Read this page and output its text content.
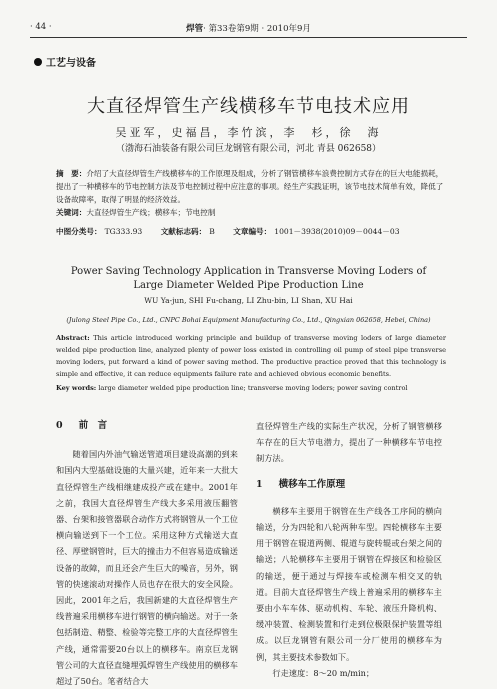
· 44 ·	焊管· 第33卷第9期 · 2010年9月
工艺与设备
大直径焊管生产线横移车节电技术应用
吴亚军，史福昌，李竹滨，李　杉，徐　海
（渤海石油装备有限公司巨龙钢管有限公司，河北 青县 062658）
摘　要：介绍了大直径焊管生产线横移车的工作原理及组成，分析了钢管横移车浪费控制方式存在的巨大电能损耗，提出了一种横移车的节电控制方法及节电控制过程中应注意的事项。经生产实践证明，该节电技术简单有效，降低了设备故障率，取得了明显的经济效益。
关键词：大直径焊管生产线；横移车；节电控制
中图分类号： TG333.93 文献标志码： B 文章编号： 1001－3938(2010)09－0044－03
Power Saving Technology Application in Transverse Moving Loders of
Large Diameter Welded Pipe Production Line
WU Ya-jun, SHI Fu-chang, LI Zhu-bin, LI Shan, XU Hai
(Julong Steel Pipe Co., Ltd., CNPC Bohai Equipment Manufacturing Co., Ltd., Qingxian 062658, Hebei, China)
Abstract: This article introduced working principle and buildup of transverse moving loders of large diameter welded pipe production line, analyzed plenty of power loss existed in controlling oil pump of steel pipe transverse moving loders, put forward a kind of power saving method. The productive practice proved that this technology is simple and effective, it can reduce equipments failure rate and achieved obvious economic benefits.
Key words: large diameter welded pipe production line; transverse moving loders; power saving control
0 前　言

随着国内外油气输送管道项目建设高潮的到来和国内大型基础设施的大量兴建，近年来一大批大直径焊管生产线相继建成投产或在建中。2001年之前，我国大直径焊管生产线大多采用液压翻管器、台架和接管器联合动作方式将钢管从一个工位横向输送到下一个工位。采用这种方式输送大直径、厚壁钢管时，巨大的撞击力不但容易造成输送设备的故障，而且还会产生巨大的噪音，另外，钢管的快速滚动对操作人员也存在很大的安全风险。因此，2001年之后，我国新建的大直径焊管生产线普遍采用横移车进行钢管的横向输送。对于一条包括制造、精整、检验等完整工序的大直径焊管生产线，通常需要20台以上的横移车。南京巨龙钢管公司的大直径直缝埋弧焊管生产线使用的横移车超过了50台。笔者结合大

直径焊管生产线的实际生产状况，分析了钢管横移车存在的巨大节电潜力，提出了一种横移车节电控制方法。

1 横移车工作原理

横移车主要用于钢管在生产线各工序间的横向输送，分为四轮和八轮两种车型。四轮横移车主要用于钢管在辊道两侧、辊道与旋转辊或台架之间的输送；八轮横移车主要用于钢管在焊接区和检验区的输送，便于通过与焊接车或检测车相交叉的轨道。目前大直径焊管生产线上普遍采用的横移车主要由小车车体、驱动机构、车轮、液压升降机构、缓冲装置、检测装置和行走到位极限保护装置等组成。以巨龙钢管有限公司一分厂使用的横移车为例，其主要技术参数如下。

行走速度：8～20 m/min；
